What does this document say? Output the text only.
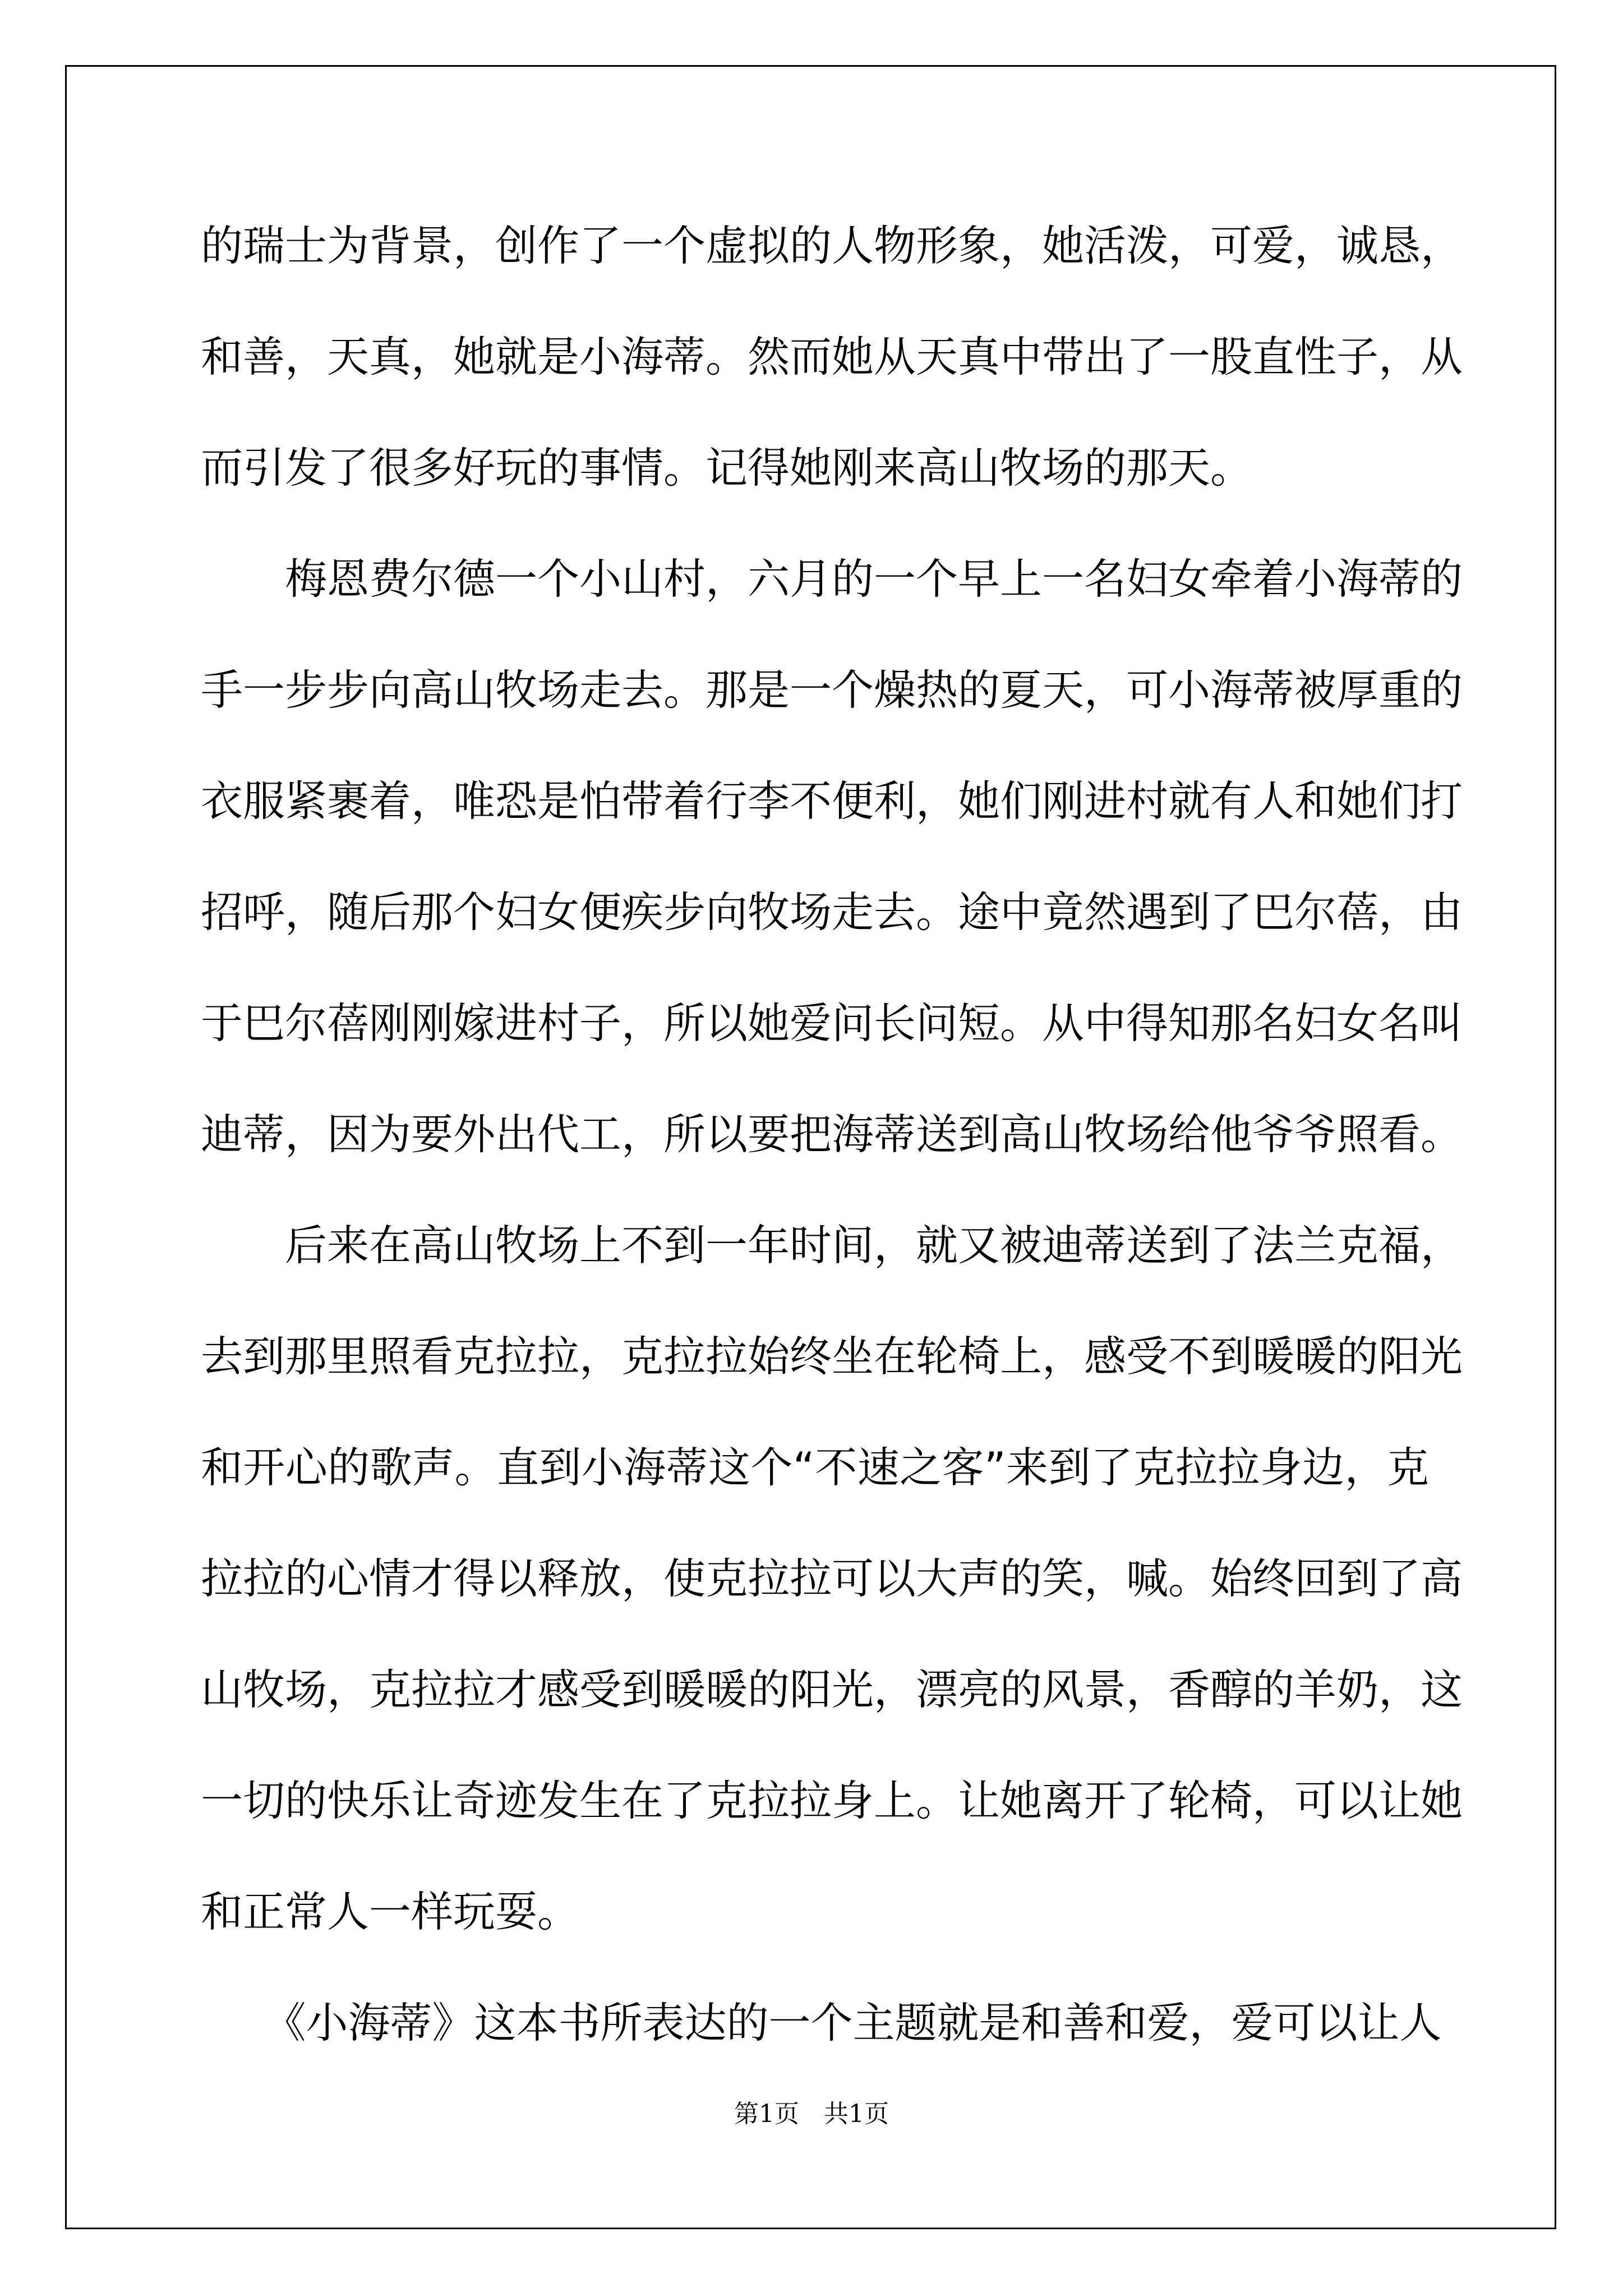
的瑞士为背景，创作了一个虚拟的人物形象，她活泼，可爱，诚恳，
和善，天真，她就是小海蒂。然而她从天真中带出了一股直性子，从
而引发了很多好玩的事情。记得她刚来高山牧场的那天。
　　梅恩费尔德一个小山村，六月的一个早上一名妇女牵着小海蒂的
手一步步向高山牧场走去。那是一个燥热的夏天，可小海蒂被厚重的
衣服紧裹着，唯恐是怕带着行李不便利，她们刚进村就有人和她们打
招呼，随后那个妇女便疾步向牧场走去。途中竟然遇到了巴尔蓓，由
于巴尔蓓刚刚嫁进村子，所以她爱问长问短。从中得知那名妇女名叫
迪蒂，因为要外出代工，所以要把海蒂送到高山牧场给他爷爷照看。
　　后来在高山牧场上不到一年时间，就又被迪蒂送到了法兰克福，
去到那里照看克拉拉，克拉拉始终坐在轮椅上，感受不到暖暖的阳光
和开心的歌声。直到小海蒂这个“不速之客”来到了克拉拉身边，克
拉拉的心情才得以释放，使克拉拉可以大声的笑，喊。始终回到了高
山牧场，克拉拉才感受到暖暖的阳光，漂亮的风景，香醇的羊奶，这
一切的快乐让奇迹发生在了克拉拉身上。让她离开了轮椅，可以让她
和正常人一样玩耍。
　　《小海蒂》这本书所表达的一个主题就是和善和爱，爱可以让人
第1页　共1页
